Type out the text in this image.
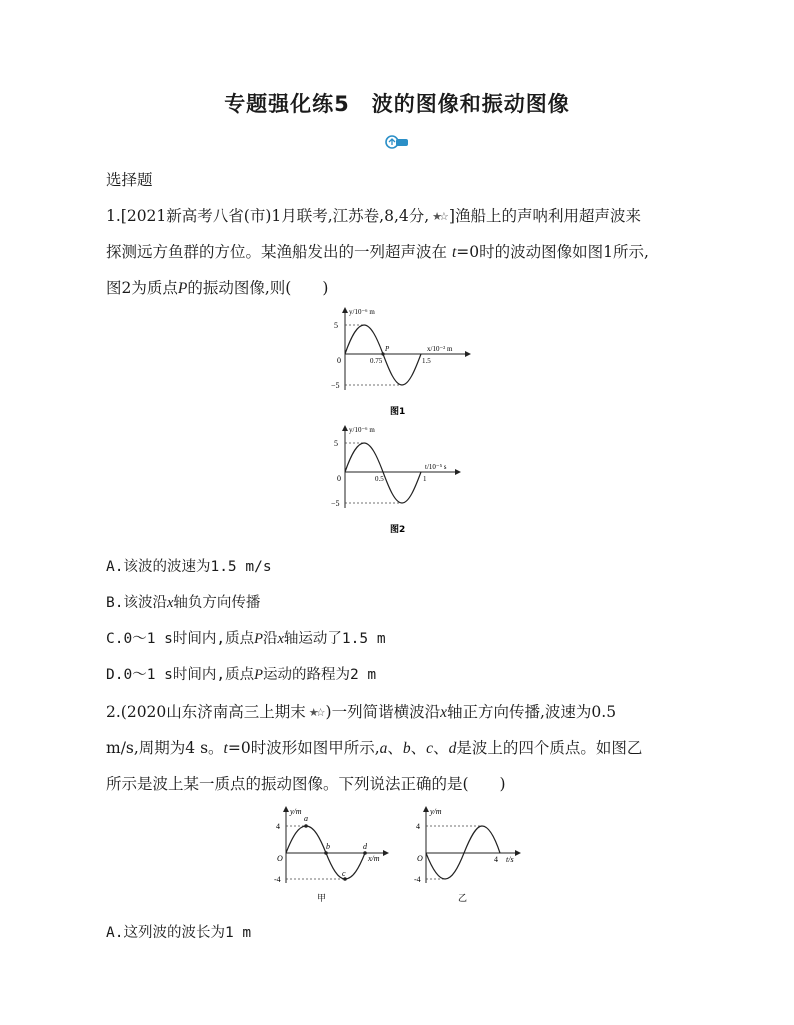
专题强化练5　波的图像和振动图像
选择题
1.[2021新高考八省(市)1月联考,江苏卷,8,4分, ★☆ ]渔船上的声呐利用超声波来
探测远方鱼群的方位。某渔船发出的一列超声波在 t=0时的波动图像如图1所示,
图2为质点P的振动图像,则(　　)
y/10⁻⁶ m
5
−5
0
P
0.75	1.5
x/10⁻² m
图1
y/10⁻⁶ m
5
−5
0	0.5	1
t/10⁻⁵ s
图2
A.该波的波速为1.5 m/s
B.该波沿x轴负方向传播
C.0～1 s时间内,质点P沿x轴运动了1.5 m
D.0～1 s时间内,质点P运动的路程为2 m
2.(2020山东济南高三上期末 ★☆ )一列简谐横波沿x轴正方向传播,波速为0.5
m/s,周期为4 s。t=0时波形如图甲所示,a、b、c、d是波上的四个质点。如图乙
所示是波上某一质点的振动图像。下列说法正确的是(　　)
y/m
4
-4
O
a
b
c
d
x/m
甲
y/m
4
-4
O	4 t/s
乙
A.这列波的波长为1 m
